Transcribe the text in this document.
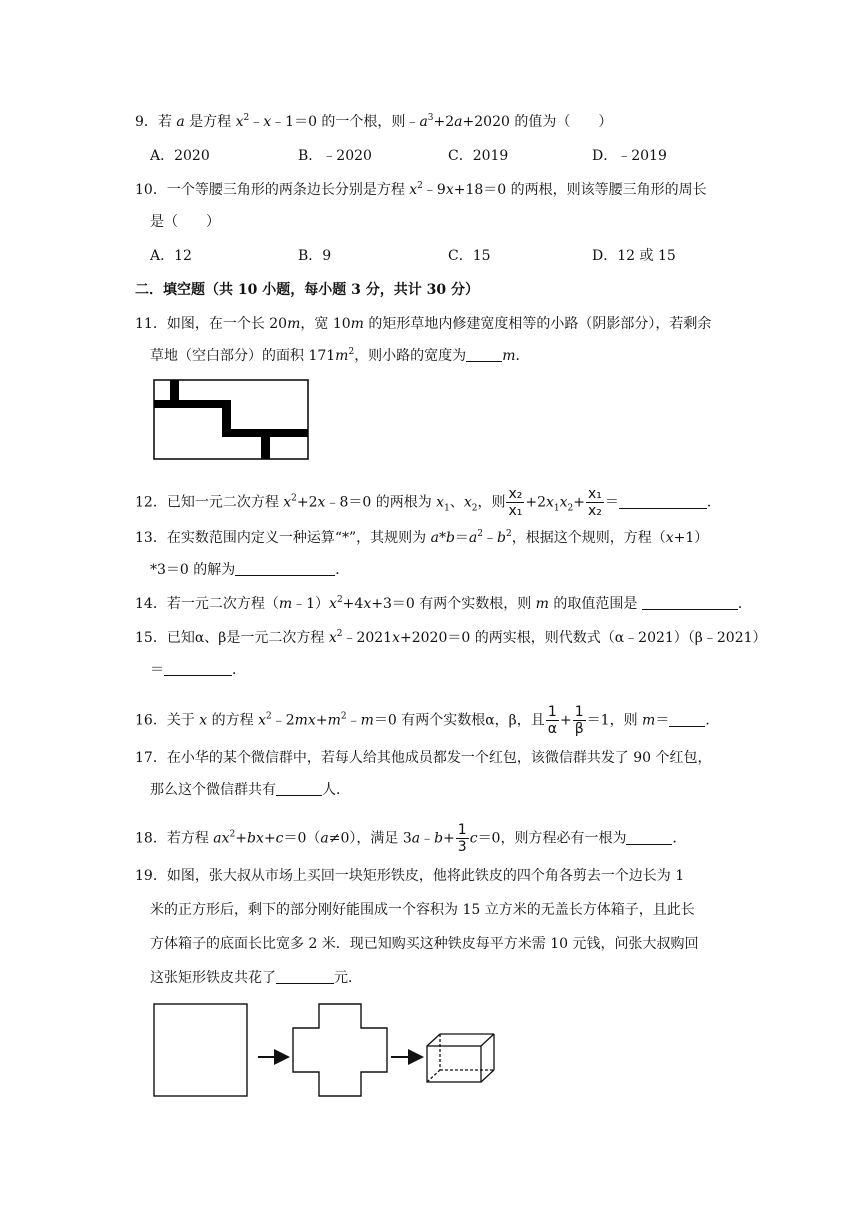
9．若 a 是方程 $x^2﹣x﹣1=0$ 的一个根，则$﹣a^3+2a+2020$ 的值为（　　）
A．2020	B．﹣2020	C．2019	D．﹣2019
10．一个等腰三角形的两条边长分别是方程 $x^2﹣9x+18=0$ 的两根，则该等腰三角形的周长
是（　　）
A．12	B．9	C．15	D．12 或 15
二．填空题（共 10 小题，每小题 3 分，共计 30 分）
11．如图，在一个长 20m，宽 10m 的矩形草地内修建宽度相等的小路（阴影部分），若剩余
草地（空白部分）的面积 $171m^2$，则小路的宽度为	m．
12．已知一元二次方程 $x^2+2x﹣8=0$ 的两根为 $x_1$、$x_2$，则 $\frac{\text{x₂}}{\text{x₁}} +2x_1x_2+ \frac{\text{x₁}}{\text{x₂}}$ ＝	．
13．在实数范围内定义一种运算“*”，其规则为 $a*b=a^2﹣b^2$，根据这个规则，方程（x+1）
*3＝0 的解为	．
14．若一元二次方程$(m﹣1)x^2+4x+3=0$ 有两个实数根，则 m 的取值范围是	．
15．已知α、β是一元二次方程 $x^2﹣2021x+2020=0$ 的两实根，则代数式（α﹣2021）（β﹣2021）
＝	．
16．关于 x 的方程 $x^2﹣2mx+m^2﹣m=0$ 有两个实数根α，β，且 $\frac{1}{\alpha} + \frac{1}{\beta} =1$，则 m＝	．
17．在小华的某个微信群中，若每人给其他成员都发一个红包，该微信群共发了 90 个红包，
那么这个微信群共有	人．
18．若方程 $ax^2+bx+c=0(a\ne 0)$，满足 3a﹣b+ $\frac{1}{3} c=0$，则方程必有一根为	．
19．如图，张大叔从市场上买回一块矩形铁皮，他将此铁皮的四个角各剪去一个边长为 1
米的正方形后，剩下的部分刚好能围成一个容积为 15 立方米的无盖长方体箱子，且此长
方体箱子的底面长比宽多 2 米．现已知购买这种铁皮每平方米需 10 元钱，问张大叔购回
这张矩形铁皮共花了	元．
